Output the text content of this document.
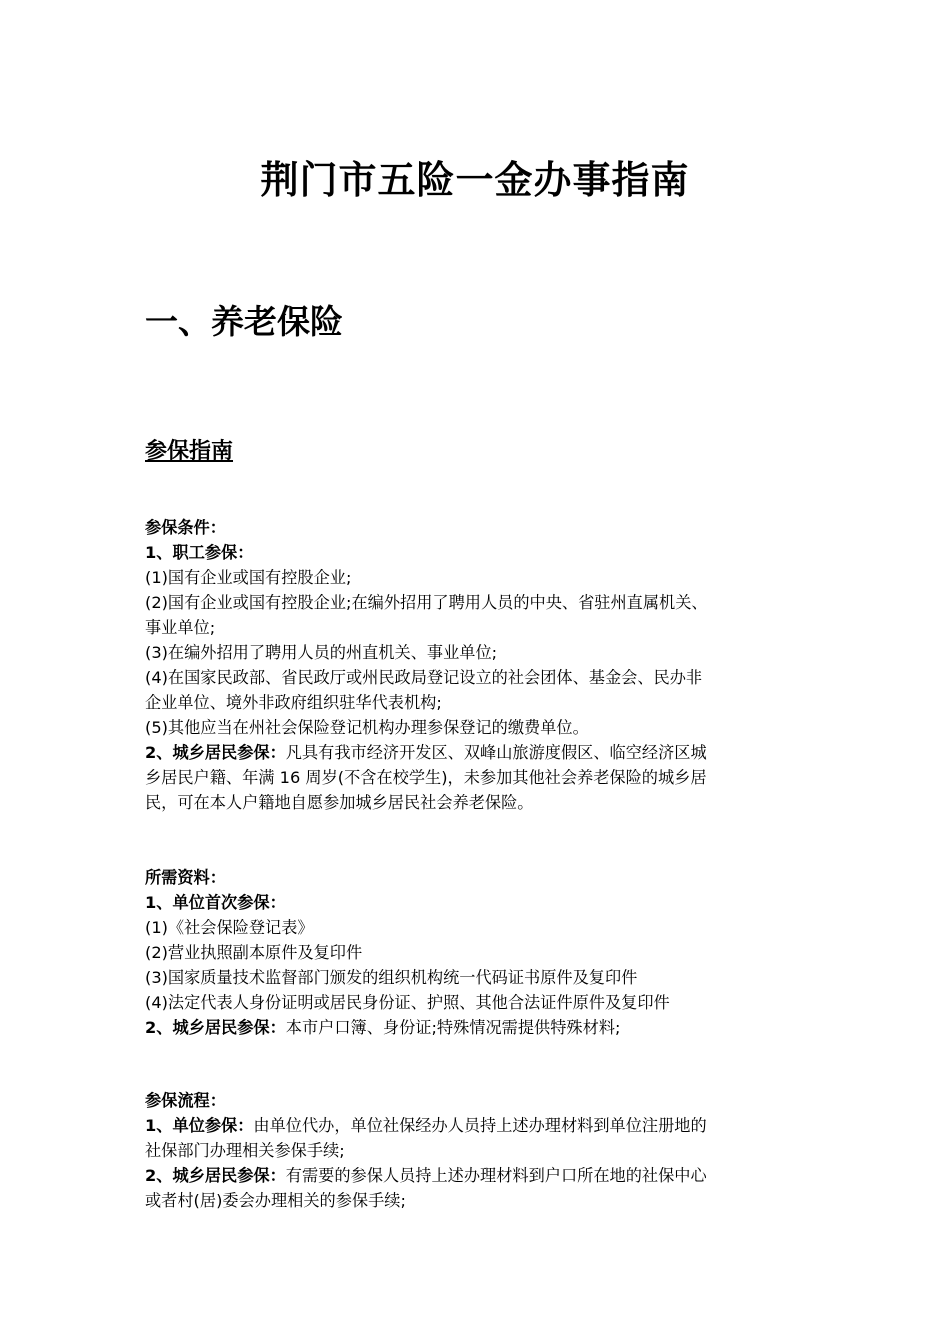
荆门市五险一金办事指南
一、养老保险
参保指南

参保条件：

1、职工参保：

(1)国有企业或国有控股企业;

(2)国有企业或国有控股企业;在编外招用了聘用人员的中央、省驻州直属机关、

事业单位;

(3)在编外招用了聘用人员的州直机关、事业单位;

(4)在国家民政部、省民政厅或州民政局登记设立的社会团体、基金会、民办非

企业单位、境外非政府组织驻华代表机构;

(5)其他应当在州社会保险登记机构办理参保登记的缴费单位。

2、城乡居民参保：凡具有我市经济开发区、双峰山旅游度假区、临空经济区城

乡居民户籍、年满 16 周岁(不含在校学生)，未参加其他社会养老保险的城乡居

民，可在本人户籍地自愿参加城乡居民社会养老保险。

所需资料：

1、单位首次参保：

(1)《社会保险登记表》

(2)营业执照副本原件及复印件

(3)国家质量技术监督部门颁发的组织机构统一代码证书原件及复印件

(4)法定代表人身份证明或居民身份证、护照、其他合法证件原件及复印件

2、城乡居民参保：本市户口簿、身份证;特殊情况需提供特殊材料;

参保流程：

1、单位参保：由单位代办，单位社保经办人员持上述办理材料到单位注册地的

社保部门办理相关参保手续;

2、城乡居民参保：有需要的参保人员持上述办理材料到户口所在地的社保中心

或者村(居)委会办理相关的参保手续;
